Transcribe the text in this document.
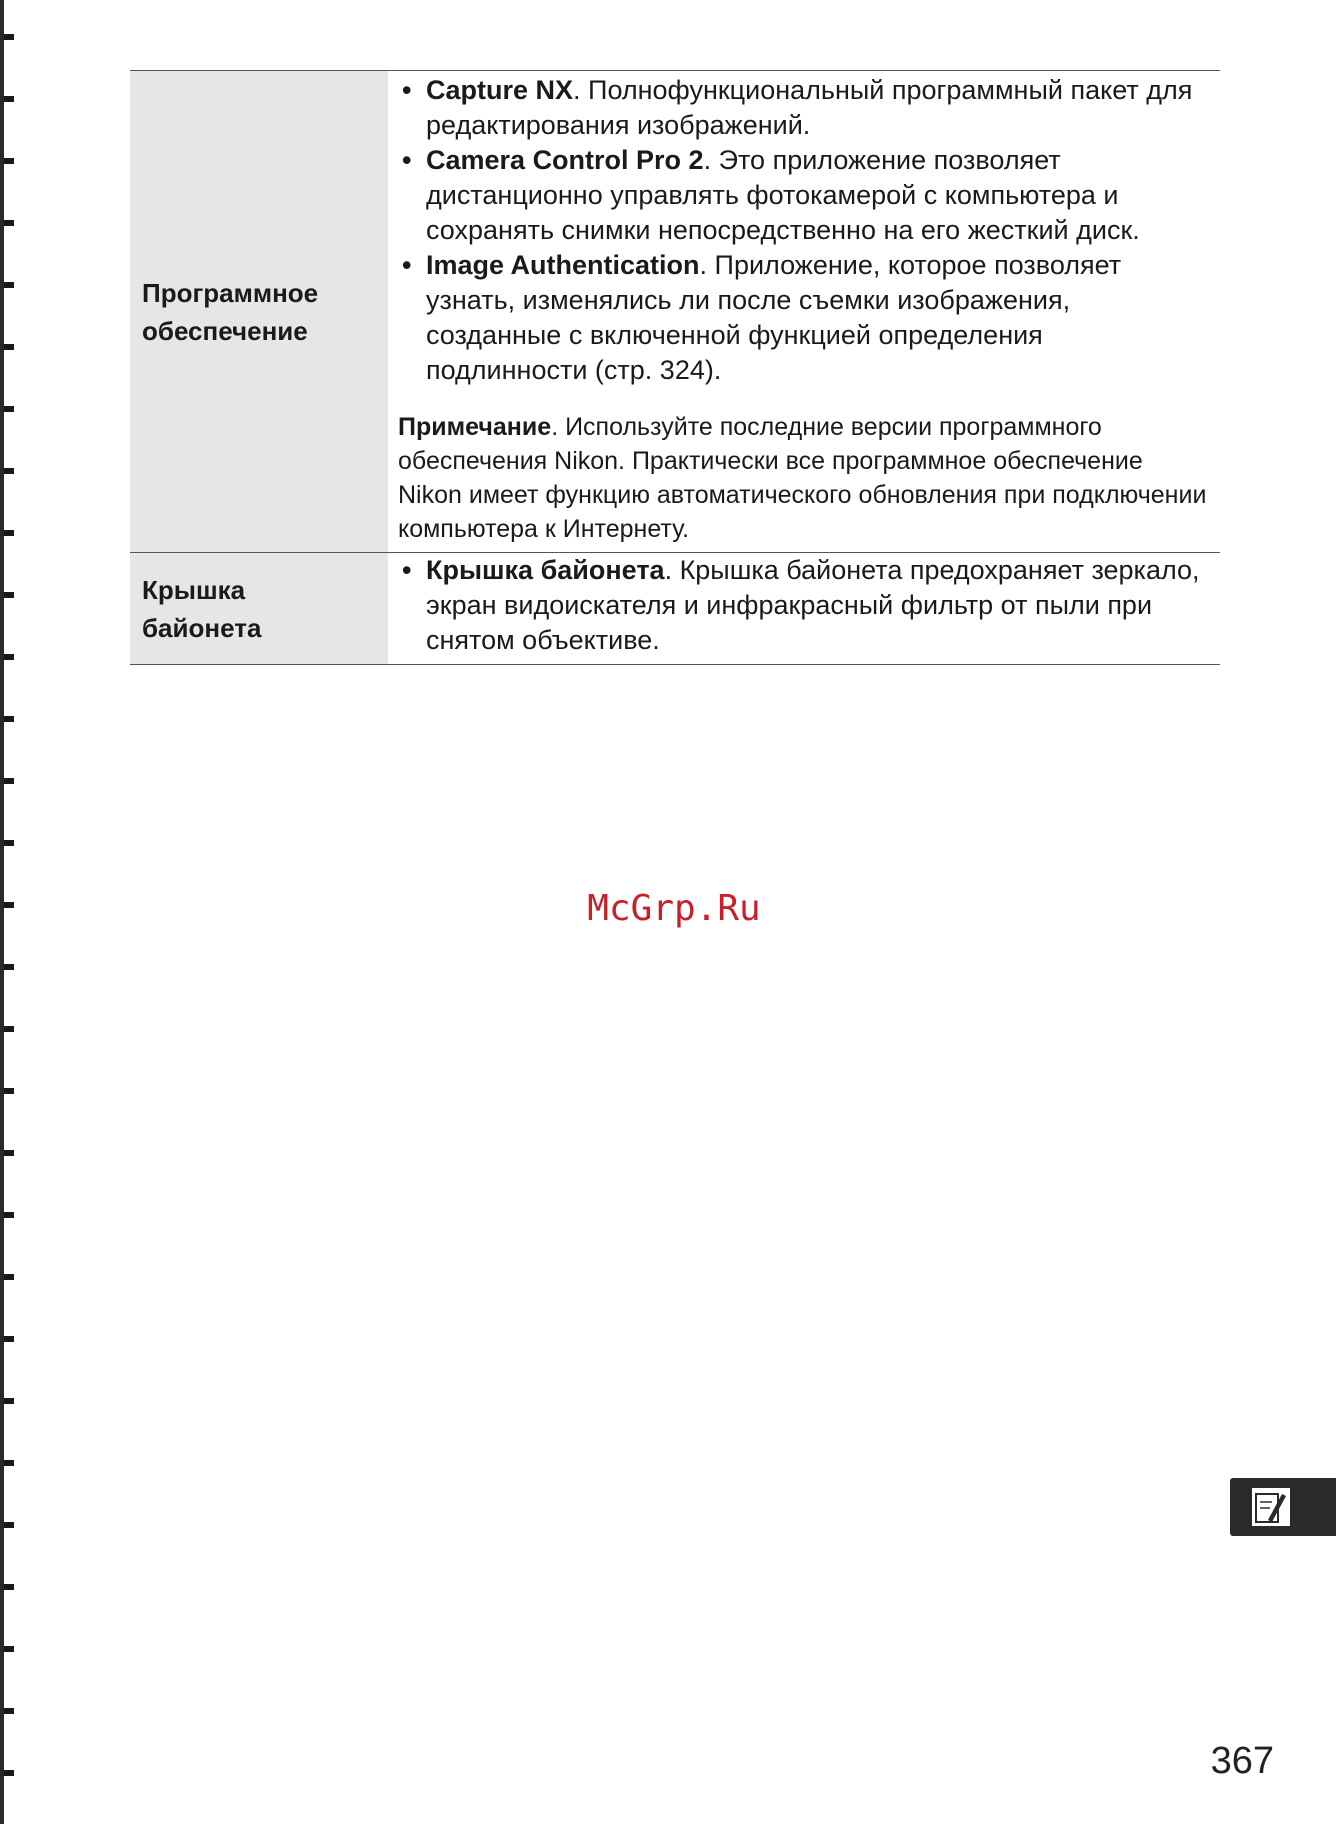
Программное обеспечение
• Capture NX. Полнофункциональный программный пакет для редактирования изображений.
• Camera Control Pro 2. Это приложение позволяет дистанционно управлять фотокамерой с компьютера и сохранять снимки непосредственно на его жесткий диск.
• Image Authentication. Приложение, которое позволяет узнать, изменялись ли после съемки изображения, созданные с включенной функцией определения подлинности (стр. 324).
Примечание. Используйте последние версии программного обеспечения Nikon. Практически все программное обеспечение Nikon имеет функцию автоматического обновления при подключении компьютера к Интернету.
Крышка байонета
• Крышка байонета. Крышка байонета предохраняет зеркало, экран видоискателя и инфракрасный фильтр от пыли при снятом объективе.
McGrp.Ru
367
